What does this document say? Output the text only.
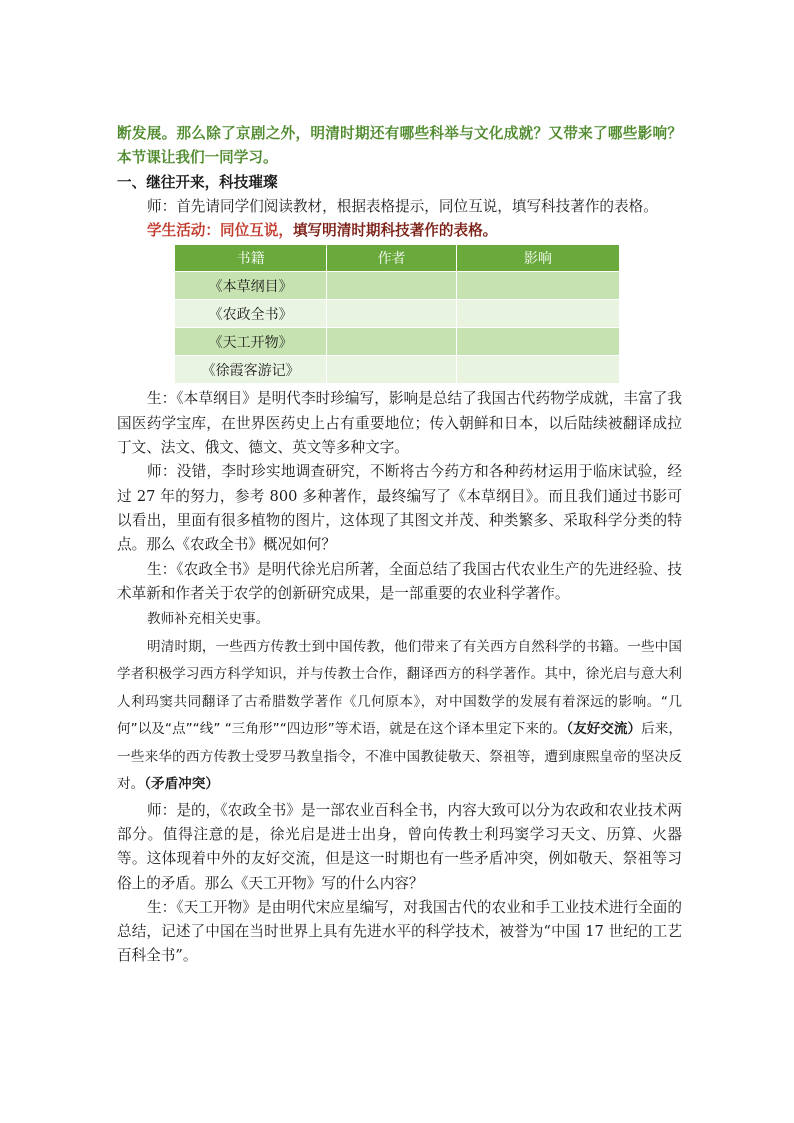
断发展。那么除了京剧之外，明清时期还有哪些科举与文化成就？又带来了哪些影响？本节课让我们一同学习。

一、继往开来，科技璀璨

师：首先请同学们阅读教材，根据表格提示，同位互说，填写科技著作的表格。

学生活动：同位互说，填写明清时期科技著作的表格。

书籍	作者	影响
《本草纲目》		
《农政全书》		
《天工开物》		
《徐霞客游记》		

生：《本草纲目》是明代李时珍编写，影响是总结了我国古代药物学成就，丰富了我国医药学宝库，在世界医药史上占有重要地位；传入朝鲜和日本，以后陆续被翻译成拉丁文、法文、俄文、德文、英文等多种文字。

师：没错，李时珍实地调查研究，不断将古今药方和各种药材运用于临床试验，经过 27 年的努力，参考 800 多种著作，最终编写了《本草纲目》。而且我们通过书影可以看出，里面有很多植物的图片，这体现了其图文并茂、种类繁多、采取科学分类的特点。那么《农政全书》概况如何？

生：《农政全书》是明代徐光启所著，全面总结了我国古代农业生产的先进经验、技术革新和作者关于农学的创新研究成果，是一部重要的农业科学著作。

教师补充相关史事。

明清时期，一些西方传教士到中国传教，他们带来了有关西方自然科学的书籍。一些中国学者积极学习西方科学知识，并与传教士合作，翻译西方的科学著作。其中，徐光启与意大利人利玛窦共同翻译了古希腊数学著作《几何原本》，对中国数学的发展有着深远的影响。“几何”以及“点”“线” “三角形”“四边形”等术语，就是在这个译本里定下来的。（友好交流）后来，一些来华的西方传教士受罗马教皇指令，不准中国教徒敬天、祭祖等，遭到康熙皇帝的坚决反对。（矛盾冲突）

师：是的，《农政全书》是一部农业百科全书，内容大致可以分为农政和农业技术两部分。值得注意的是，徐光启是进士出身，曾向传教士利玛窦学习天文、历算、火器等。这体现着中外的友好交流，但是这一时期也有一些矛盾冲突，例如敬天、祭祖等习俗上的矛盾。那么《天工开物》写的什么内容？

生：《天工开物》是由明代宋应星编写，对我国古代的农业和手工业技术进行全面的总结，记述了中国在当时世界上具有先进水平的科学技术，被誉为“中国 17 世纪的工艺百科全书”。
